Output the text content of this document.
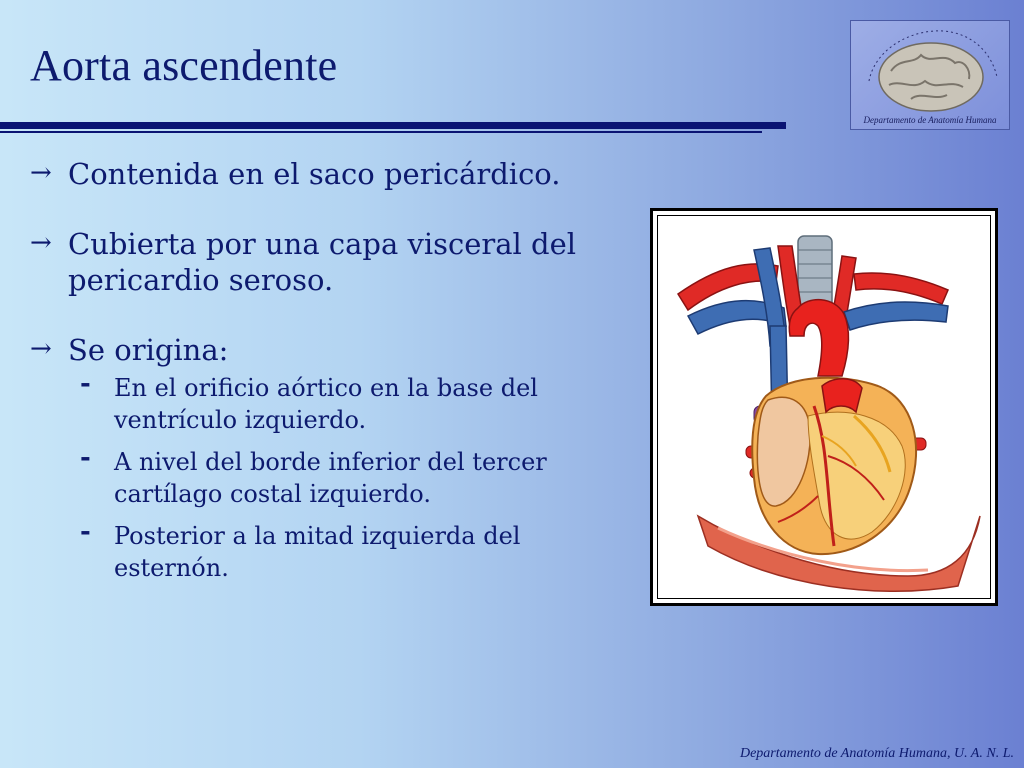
Aorta ascendente
Departamento de Anatomía Humana
→ Contenida en el saco pericárdico.
→ Cubierta por una capa visceral del pericardio seroso.
→ Se origina:
- En el orificio aórtico en la base del ventrículo izquierdo.
- A nivel del borde inferior del tercer cartílago costal izquierdo.
- Posterior a la mitad izquierda del esternón.
Departamento de Anatomía Humana, U. A. N. L.
